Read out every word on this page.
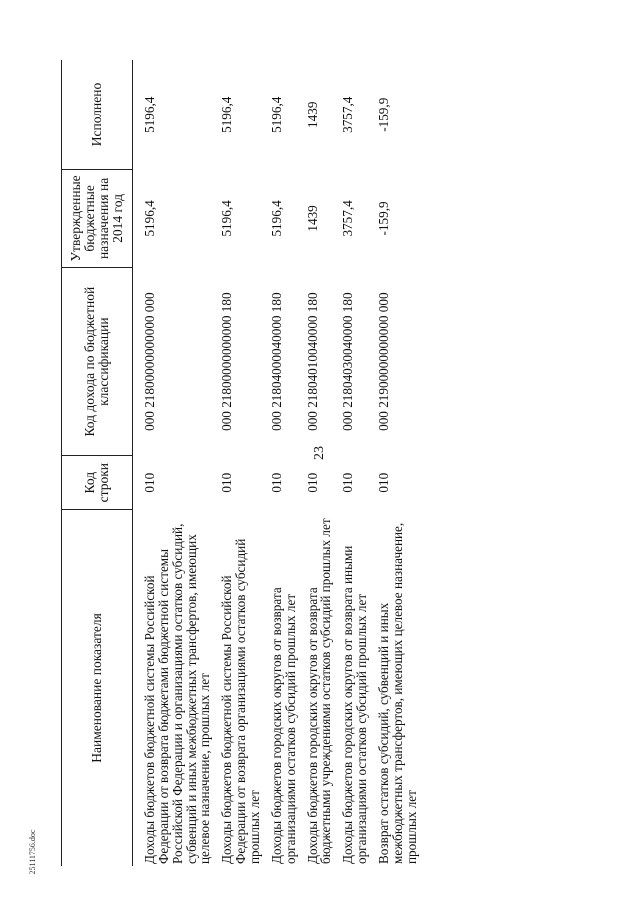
23
25111756.doc
Наименование показателя	Код строки	Код дохода по бюджетной классификации	Утвержденные бюджетные назначения на 2014 год	Исполнено
Доходы бюджетов бюджетной системы Российской Федерации от возврата бюджетами бюджетной системы Российской Федерации и организациями остатков субсидий, субвенций и иных межбюджетных трансфертов, имеющих целевое назначение, прошлых лет	010	000 21800000000000 000	5196,4	5196,4
Доходы бюджетов бюджетной системы Российской Федерации от возврата организациями остатков субсидий прошлых лет	010	000 21800000000000 180	5196,4	5196,4
Доходы бюджетов городских округов от возврата организациями остатков субсидий прошлых лет	010	000 21804000040000 180	5196,4	5196,4
Доходы бюджетов городских округов от возврата бюджетными учреждениями остатков субсидий прошлых лет	010	000 21804010040000 180	1439	1439
Доходы бюджетов городских округов от возврата иными организациями остатков субсидий прошлых лет	010	000 21804030040000 180	3757,4	3757,4
Возврат остатков субсидий, субвенций и иных межбюджетных трансфертов, имеющих целевое назначение, прошлых лет	010	000 21900000000000 000	-159,9	-159,9
